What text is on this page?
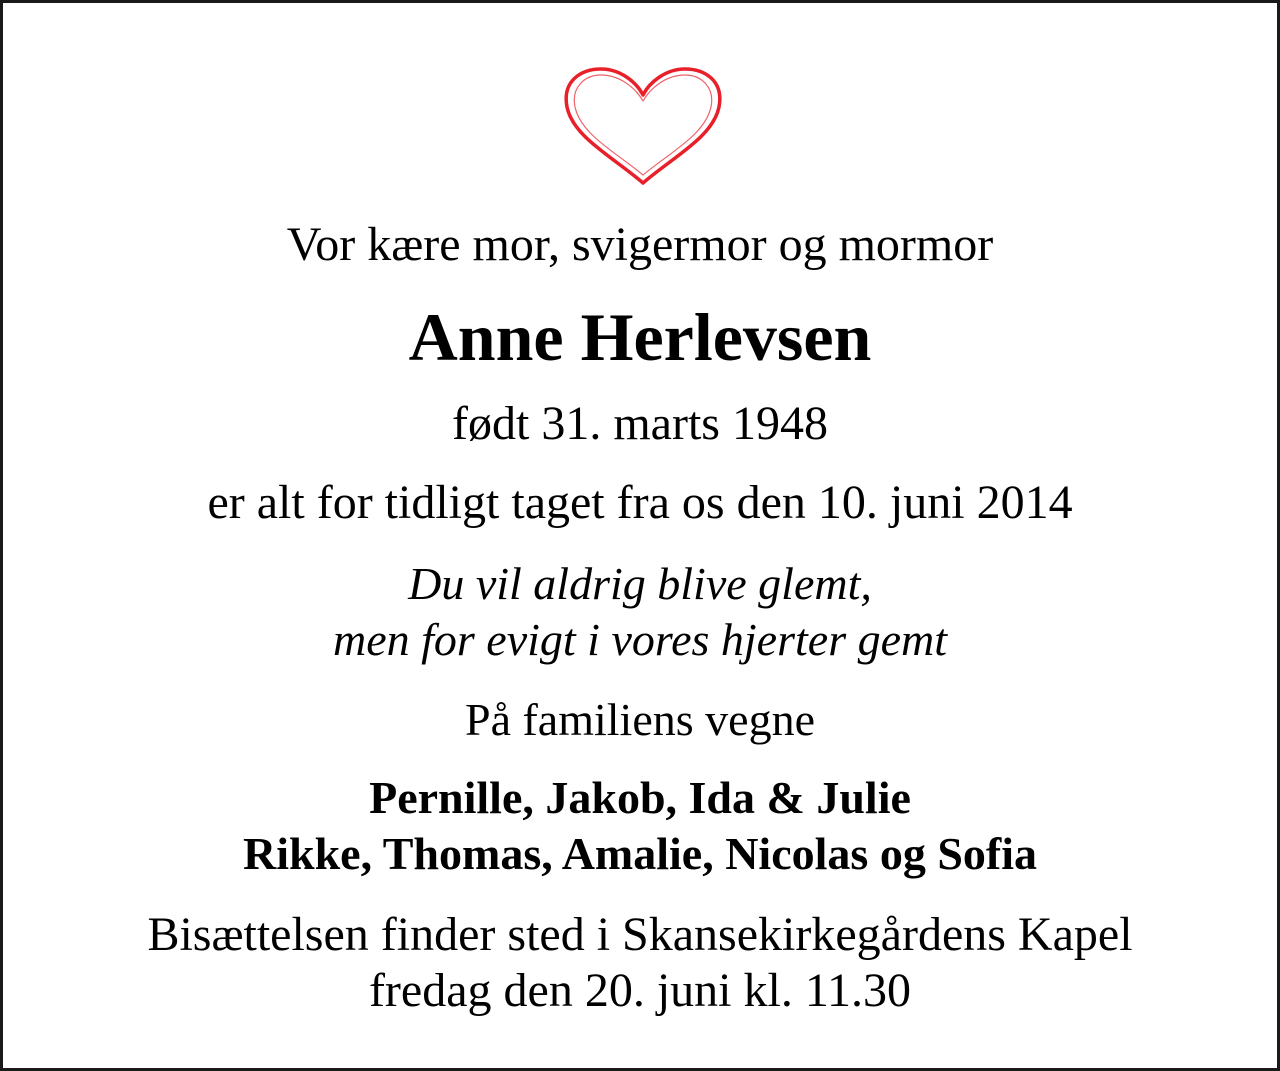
Vor kære mor, svigermor og mormor
Anne Herlevsen
født 31. marts 1948
er alt for tidligt taget fra os den 10. juni 2014
Du vil aldrig blive glemt,
men for evigt i vores hjerter gemt
På familiens vegne
Pernille, Jakob, Ida & Julie
Rikke, Thomas, Amalie, Nicolas og Sofia
Bisættelsen finder sted i Skansekirkegårdens Kapel
fredag den 20. juni kl. 11.30
